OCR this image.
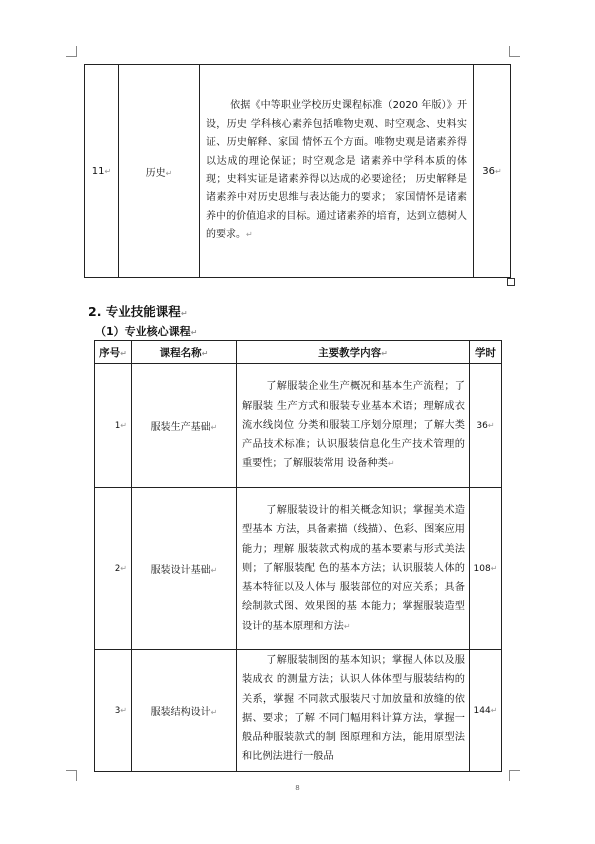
11↵	历史↵	依据《中等职业学校历史课程标准（2020 年版）》开设，历史 学科核心素养包括唯物史观、时空观念、史料实证、历史解释、家国 情怀五个方面。唯物史观是诸素养得以达成的理论保证；时空观念是 诸素养中学科本质的体现；史料实证是诸素养得以达成的必要途径； 历史解释是诸素养中对历史思维与表达能力的要求； 家国情怀是诸素 养中的价值追求的目标。通过诸素养的培育，达到立德树人的要求。↵	36↵
2. 专业技能课程↵
（1）专业核心课程↵
序号↵	课程名称↵	主要教学内容↵	学时
1↵	服装生产基础↵	了解服装企业生产概况和基本生产流程；了解服装 生产方式和服装专业基本术语；理解成衣流水线岗位 分类和服装工序划分原理；了解大类产品技术标准；认识服装信息化生产技术管理的重要性；了解服装常用 设备种类↵	36↵
2↵	服装设计基础↵	了解服装设计的相关概念知识；掌握美术造型基本 方法，具备素描（线描）、色彩、图案应用能力；理解 服装款式构成的基本要素与形式美法则；了解服装配 色的基本方法；认识服装人体的基本特征以及人体与 服装部位的对应关系；具备绘制款式图、效果图的基 本能力；掌握服装造型设计的基本原理和方法↵	108↵
3↵	服装结构设计↵	了解服装制图的基本知识；掌握人体以及服装成衣 的测量方法；认识人体体型与服装结构的关系，掌握 不同款式服装尺寸加放量和放缝的依据、要求；了解 不同门幅用料计算方法，掌握一般品种服装款式的制 图原理和方法，能用原型法和比例法进行一般品	144↵
8
